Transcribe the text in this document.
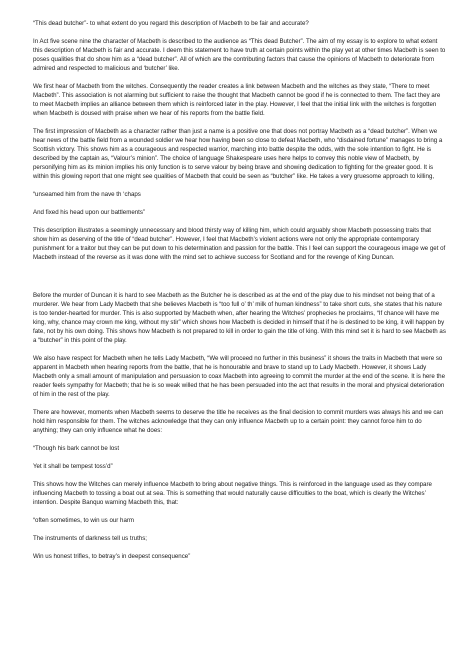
“This dead butcher”- to what extent do you regard this description of Macbeth to be fair and accurate?

In Act five scene nine the character of Macbeth is described to the audience as “This dead Butcher”. The aim of my essay is to explore to what extent this description of Macbeth is fair and accurate. I deem this statement to have truth at certain points within the play yet at other times Macbeth is seen to poses qualities that do show him as a “dead butcher”. All of which are the contributing factors that cause the opinions of Macbeth to deteriorate from admired and respected to malicious and ‘butcher’ like.

We first hear of Macbeth from the witches. Consequently the reader creates a link between Macbeth and the witches as they state, “There to meet Macbeth”. This association is not alarming but sufficient to raise the thought that Macbeth cannot be good if he is connected to them. The fact they are to meet Macbeth implies an alliance between them which is reinforced later in the play. However, I feel that the initial link with the witches is forgotten when Macbeth is doused with praise when we hear of his reports from the battle field.

The first impression of Macbeth as a character rather than just a name is a positive one that does not portray Macbeth as a “dead butcher”. When we hear news of the battle field from a wounded soldier we hear how having been so close to defeat Macbeth, who “disdained fortune” manages to bring a Scottish victory. This shows him as a courageous and respected warrior, marching into battle despite the odds, with the sole intention to fight. He is described by the captain as, “Valour’s minion”. The choice of language Shakespeare uses here helps to convey this noble view of Macbeth, by personifying him as its minion implies his only function is to serve valour by being brave and showing dedication to fighting for the greater good. It is within this glowing report that one might see qualities of Macbeth that could be seen as “butcher” like. He takes a very gruesome approach to killing,

“unseamed him from the nave th ‘chaps

And fixed his head upon our battlements”

This description illustrates a seemingly unnecessary and blood thirsty way of killing him, which could arguably show Macbeth possessing traits that show him as deserving of the title of “dead butcher”. However, I feel that Macbeth’s violent actions were not only the appropriate contemporary punishment for a traitor but they can be put down to his determination and passion for the battle. This I feel can support the courageous image we get of Macbeth instead of the reverse as it was done with the mind set to achieve success for Scotland and for the revenge of King Duncan.

Before the murder of Duncan it is hard to see Macbeth as the Butcher he is described as at the end of the play due to his mindset not being that of a murderer. We hear from Lady Macbeth that she believes Macbeth is “too full o’ th’ milk of human kindness” to take short cuts, she states that his nature is too tender-hearted for murder. This is also supported by Macbeth when, after hearing the Witches’ prophecies he proclaims, “If chance will have me king, why, chance may crown me king, without my stir” which shows how Macbeth is decided in himself that if he is destined to be king, it will happen by fate, not by his own doing. This shows how Macbeth is not prepared to kill in order to gain the title of king. With this mind set it is hard to see Macbeth as a “butcher” in this point of the play.

We also have respect for Macbeth when he tells Lady Macbeth, “We will proceed no further in this business” it shows the traits in Macbeth that were so apparent in Macbeth when hearing reports from the battle, that he is honourable and brave to stand up to Lady Macbeth. However, it shows Lady Macbeth only a small amount of manipulation and persuasion to coax Macbeth into agreeing to commit the murder at the end of the scene. It is here the reader feels sympathy for Macbeth; that he is so weak willed that he has been persuaded into the act that results in the moral and physical deterioration of him in the rest of the play.

There are however, moments when Macbeth seems to deserve the title he receives as the final decision to commit murders was always his and we can hold him responsible for them. The witches acknowledge that they can only influence Macbeth up to a certain point: they cannot force him to do anything; they can only influence what he does:

“Though his bark cannot be lost

Yet it shall be tempest toss’d”

This shows how the Witches can merely influence Macbeth to bring about negative things. This is reinforced in the language used as they compare influencing Macbeth to tossing a boat out at sea. This is something that would naturally cause difficulties to the boat, which is clearly the Witches’ intention. Despite Banquo warning Macbeth this, that:

“often sometimes, to win us our harm

The instruments of darkness tell us truths;

Win us honest trifles, to betray’s in deepest consequence”
